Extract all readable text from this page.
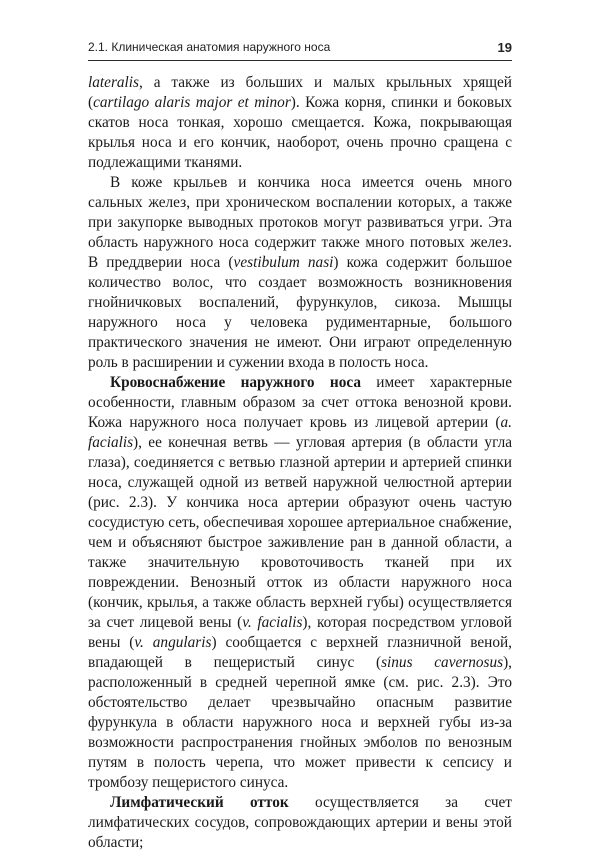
2.1. Клиническая анатомия наружного носа	19

lateralis, а также из больших и малых крыльных хрящей (cartilago alaris major et minor). Кожа корня, спинки и боковых скатов носа тонкая, хорошо смещается. Кожа, покрывающая крылья носа и его кончик, наоборот, очень прочно сращена с подлежащими тканями.

В коже крыльев и кончика носа имеется очень много сальных желез, при хроническом воспалении которых, а также при закупорке выводных протоков могут развиваться угри. Эта область наружного носа содержит также много потовых желез. В преддверии носа (vestibulum nasi) кожа содержит большое количество волос, что создает возможность возникновения гнойничковых воспалений, фурункулов, сикоза. Мышцы наружного носа у человека рудиментарные, большого практического значения не имеют. Они играют определенную роль в расширении и сужении входа в полость носа.

Кровоснабжение наружного носа имеет характерные особенности, главным образом за счет оттока венозной крови. Кожа наружного носа получает кровь из лицевой артерии (a. facialis), ее конечная ветвь — угловая артерия (в области угла глаза), соединяется с ветвью глазной артерии и артерией спинки носа, служащей одной из ветвей наружной челюстной артерии (рис. 2.3). У кончика носа артерии образуют очень частую сосудистую сеть, обеспечивая хорошее артериальное снабжение, чем и объясняют быстрое заживление ран в данной области, а также значительную кровоточивость тканей при их повреждении. Венозный отток из области наружного носа (кончик, крылья, а также область верхней губы) осуществляется за счет лицевой вены (v. facialis), которая посредством угловой вены (v. angularis) сообщается с верхней глазничной веной, впадающей в пещеристый синус (sinus cavernosus), расположенный в средней черепной ямке (см. рис. 2.3). Это обстоятельство делает чрезвычайно опасным развитие фурункула в области наружного носа и верхней губы из-за возможности распространения гнойных эмболов по венозным путям в полость черепа, что может привести к сепсису и тромбозу пещеристого синуса.

Лимфатический отток осуществляется за счет лимфатических сосудов, сопровождающих артерии и вены этой области;
